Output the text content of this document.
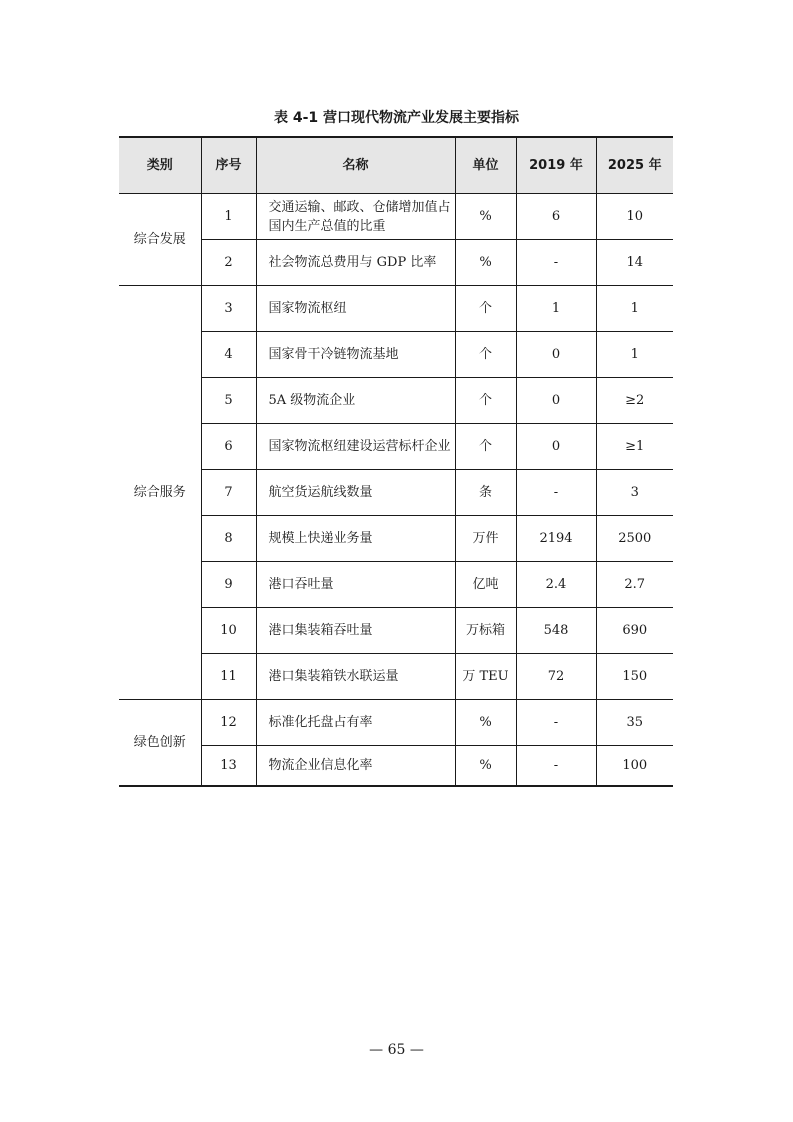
表 4-1 营口现代物流产业发展主要指标
类别	序号	名称	单位	2019 年	2025 年
综合发展	1	交通运输、邮政、仓储增加值占国内生产总值的比重	%	6	10
	2	社会物流总费用与 GDP 比率	%	-	14
综合服务	3	国家物流枢纽	个	1	1
	4	国家骨干冷链物流基地	个	0	1
	5	5A 级物流企业	个	0	≥2
	6	国家物流枢纽建设运营标杆企业	个	0	≥1
	7	航空货运航线数量	条	-	3
	8	规模上快递业务量	万件	2194	2500
	9	港口吞吐量	亿吨	2.4	2.7
	10	港口集装箱吞吐量	万标箱	548	690
	11	港口集装箱铁水联运量	万 TEU	72	150
绿色创新	12	标准化托盘占有率	%	-	35
	13	物流企业信息化率	%	-	100
— 65 —
